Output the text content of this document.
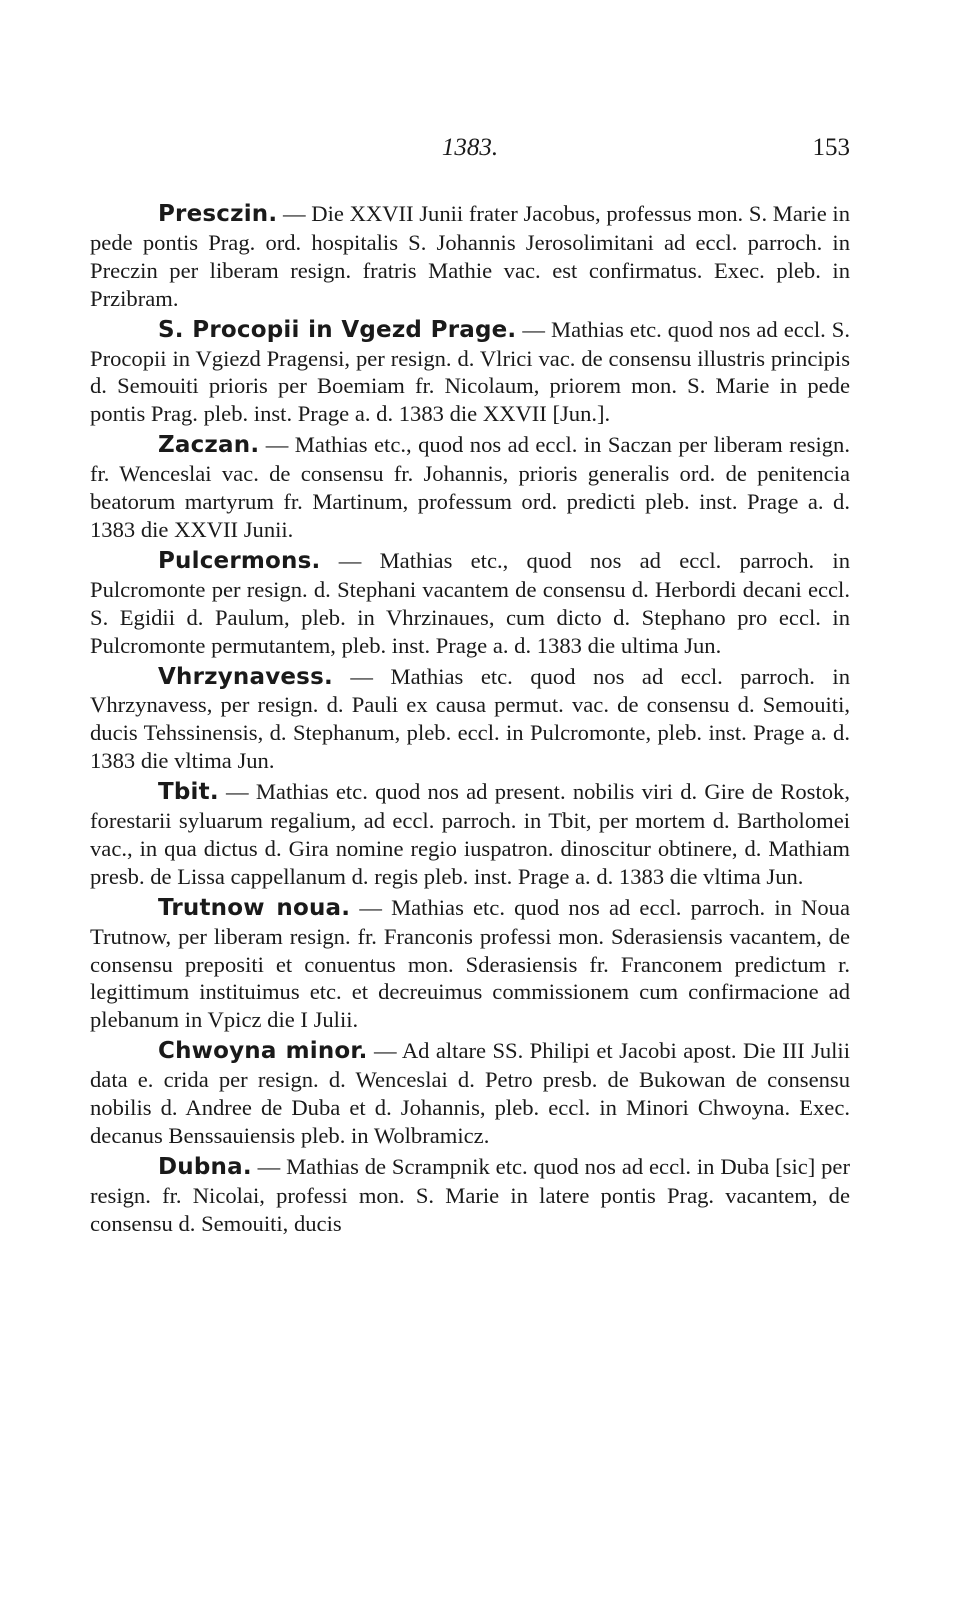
1383.	153

Presczin. — Die XXVII Junii frater Jacobus, professus mon. S. Marie in pede pontis Prag. ord. hospitalis S. Johannis Jerosolimitani ad eccl. parroch. in Preczin per liberam resign. fratris Mathie vac. est confirmatus. Exec. pleb. in Przibram.

S. Procopii in Vgezd Prage. — Mathias etc. quod nos ad eccl. S. Procopii in Vgiezd Pragensi, per resign. d. Vlrici vac. de consensu illustris principis d. Semouiti prioris per Boemiam fr. Nicolaum, priorem mon. S. Marie in pede pontis Prag. pleb. inst. Prage a. d. 1383 die XXVII [Jun.].

Zaczan. — Mathias etc., quod nos ad eccl. in Saczan per liberam resign. fr. Wenceslai vac. de consensu fr. Johannis, prioris generalis ord. de penitencia beatorum martyrum fr. Martinum, professum ord. predicti pleb. inst. Prage a. d. 1383 die XXVII Junii.

Pulcermons. — Mathias etc., quod nos ad eccl. parroch. in Pulcromonte per resign. d. Stephani vacantem de consensu d. Herbordi decani eccl. S. Egidii d. Paulum, pleb. in Vhrzinaues, cum dicto d. Stephano pro eccl. in Pulcromonte permutantem, pleb. inst. Prage a. d. 1383 die ultima Jun.

Vhrzynavess. — Mathias etc. quod nos ad eccl. parroch. in Vhrzynavess, per resign. d. Pauli ex causa permut. vac. de consensu d. Semouiti, ducis Tehssinensis, d. Stephanum, pleb. eccl. in Pulcromonte, pleb. inst. Prage a. d. 1383 die vltima Jun.

Tbit. — Mathias etc. quod nos ad present. nobilis viri d. Gire de Rostok, forestarii syluarum regalium, ad eccl. parroch. in Tbit, per mortem d. Bartholomei vac., in qua dictus d. Gira nomine regio iuspatron. dinoscitur obtinere, d. Mathiam presb. de Lissa cappellanum d. regis pleb. inst. Prage a. d. 1383 die vltima Jun.

Trutnow noua. — Mathias etc. quod nos ad eccl. parroch. in Noua Trutnow, per liberam resign. fr. Franconis professi mon. Sderasiensis vacantem, de consensu prepositi et conuentus mon. Sderasiensis fr. Franconem predictum r. legittimum instituimus etc. et decreuimus commissionem cum confirmacione ad plebanum in Vpicz die I Julii.

Chwoyna minor. — Ad altare SS. Philipi et Jacobi apost. Die III Julii data e. crida per resign. d. Wenceslai d. Petro presb. de Bukowan de consensu nobilis d. Andree de Duba et d. Johannis, pleb. eccl. in Minori Chwoyna. Exec. decanus Benssauiensis pleb. in Wolbramicz.

Dubna. — Mathias de Scrampnik etc. quod nos ad eccl. in Duba [sic] per resign. fr. Nicolai, professi mon. S. Marie in latere pontis Prag. vacantem, de consensu d. Semouiti, ducis
